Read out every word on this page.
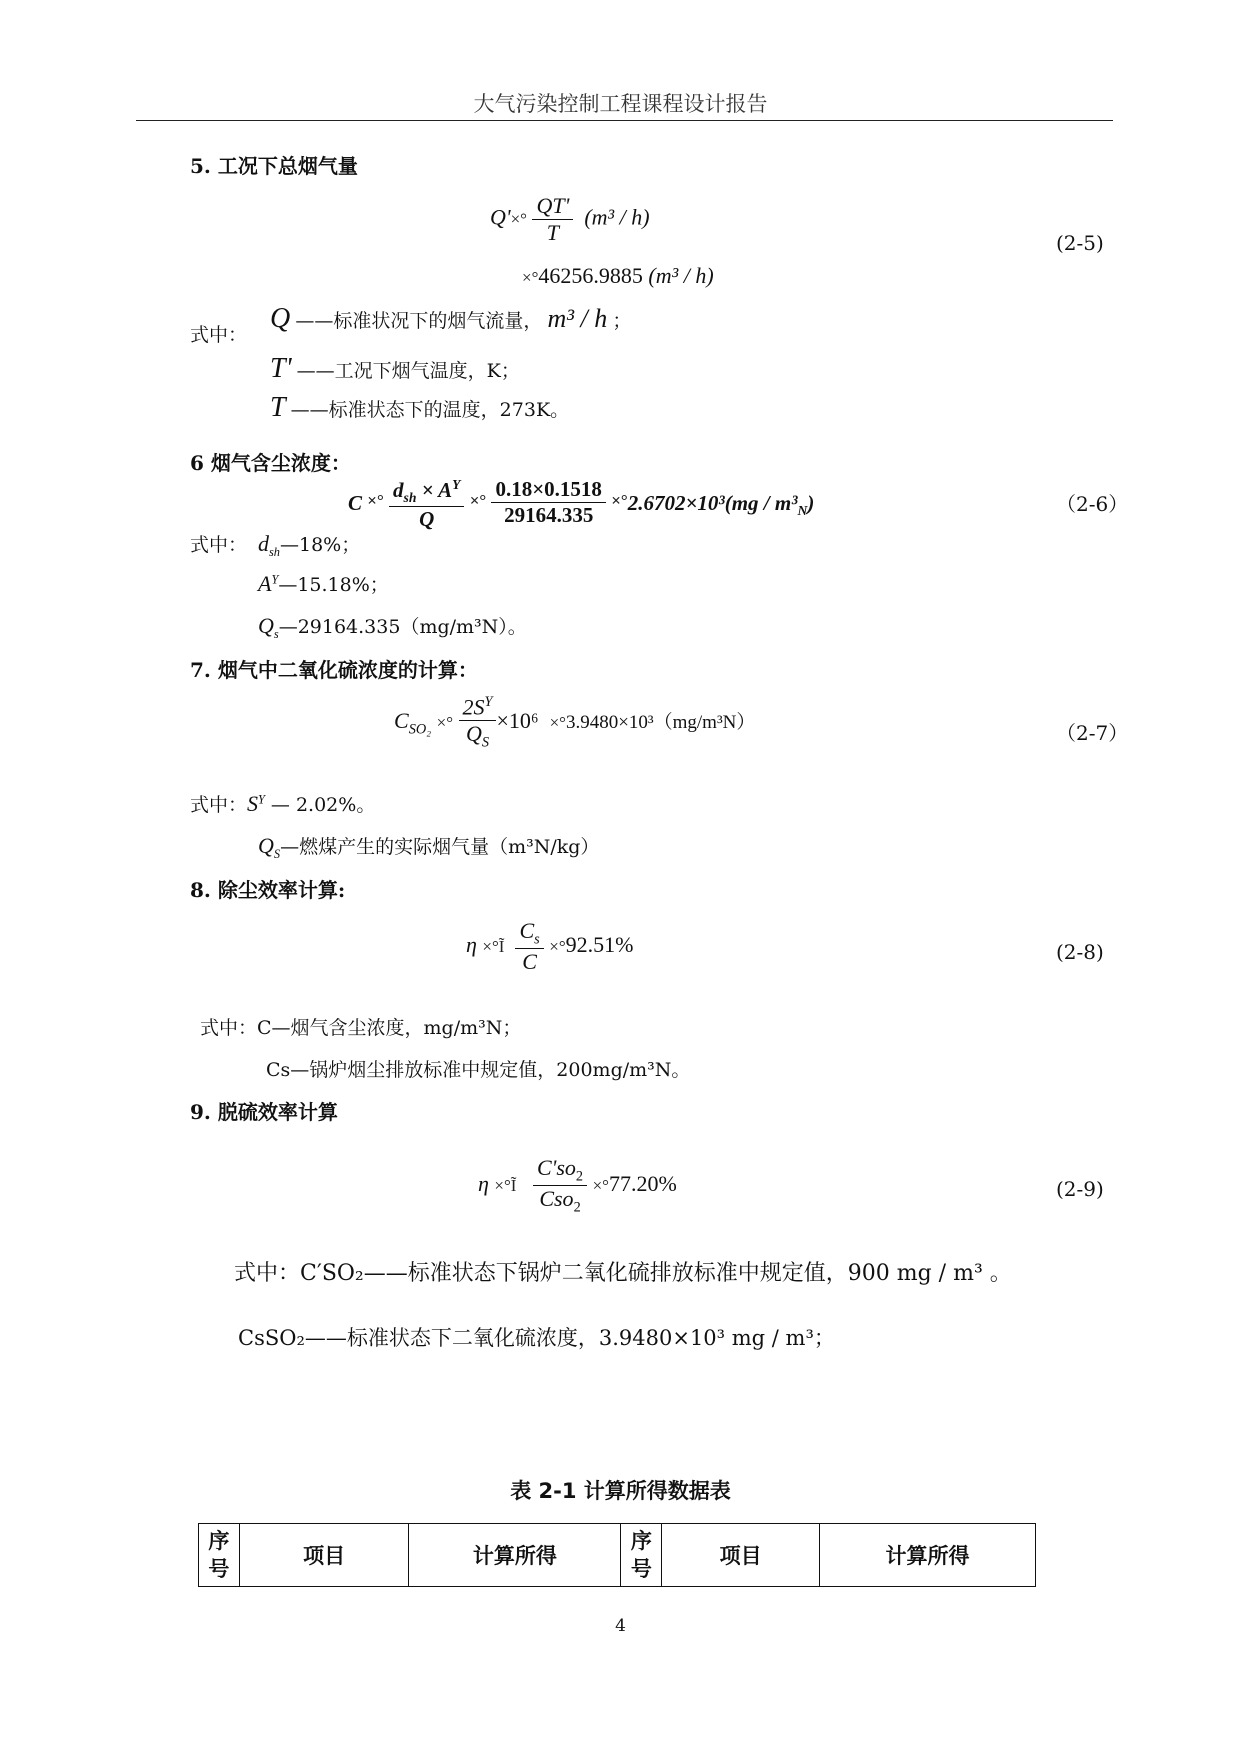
大气污染控制工程课程设计报告
5. 工况下总烟气量
$Q'\times^\circ \frac{QT'}{T} (m^3 / h)$
×°46256.9885 (m³ / h)
(2-5)
式中：
Q ——标准状况下的烟气流量， m³ / h ；
T' ——工况下烟气温度，K；
T ——标准状态下的温度，273K。
6 烟气含尘浓度：
C ×° $\frac{d_{sh} \times A^Y}{Q}$ ×° $\frac{0.18\times 0.1518}{29164.335} \times^\circ 2.6702\times 10^3(mg / m^3_N)$	（2-6）
式中： $d_{sh}—18\%$；
$A^Y—15.18\%$；
$Q_s—29164.335(mg/m^3N)$。
7. 烟气中二氧化硫浓度的计算：
$C_{SO_2}$ ×° $\frac{2S^Y}{Q_S} \times 10^6 \times^\circ 3.9480\times 10^3(mg/m^3N)$	（2-7）
式中：$S^Y$ — 2.02%。
$Q_S—$燃煤产生的实际烟气量（m³N/kg）
8. 除尘效率计算:
η ×°Ĩ $\frac{C_s}{C} \times^\circ 92.51\%$	(2-8)
式中：C—烟气含尘浓度，mg/m³N；
Cs—锅炉烟尘排放标准中规定值，200mg/m³N。
9. 脱硫效率计算
η ×°Ĩ $\frac{C'so_2}{Cso_2} \times^\circ 77.20\%$	(2-9)
式中：C′SO₂——标准状态下锅炉二氧化硫排放标准中规定值，900 mg / m³ 。
CsSO₂——标准状态下二氧化硫浓度，3.9480×10³ mg / m³；
表 2-1 计算所得数据表
序号	项目	计算所得	序号	项目	计算所得
4
